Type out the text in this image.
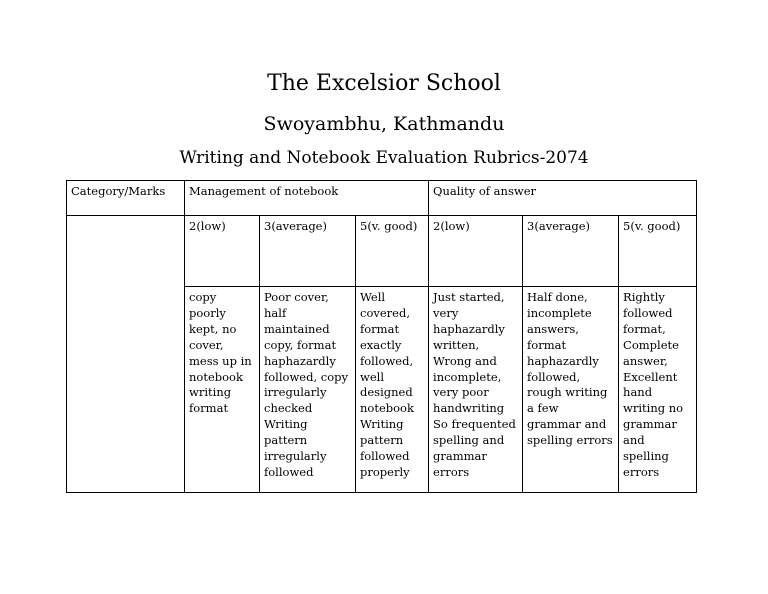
The Excelsior School
Swoyambhu, Kathmandu
Writing and Notebook Evaluation Rubrics-2074
Category/Marks	Management of notebook			Quality of answer		
	2(low)	3(average)	5(v. good)	2(low)	3(average)	5(v. good)
	copy poorly kept, no cover, mess up in notebook writing format	Poor cover, half maintained copy, format haphazardly followed, copy irregularly checked Writing pattern irregularly followed	Well covered, format exactly followed, well designed notebook Writing pattern followed properly	Just started, very haphazardly written, Wrong and incomplete, very poor handwriting So frequented spelling and grammar errors	Half done, incomplete answers, format haphazardly followed, rough writing a few grammar and spelling errors	Rightly followed format, Complete answer, Excellent hand writing no grammar and spelling errors
